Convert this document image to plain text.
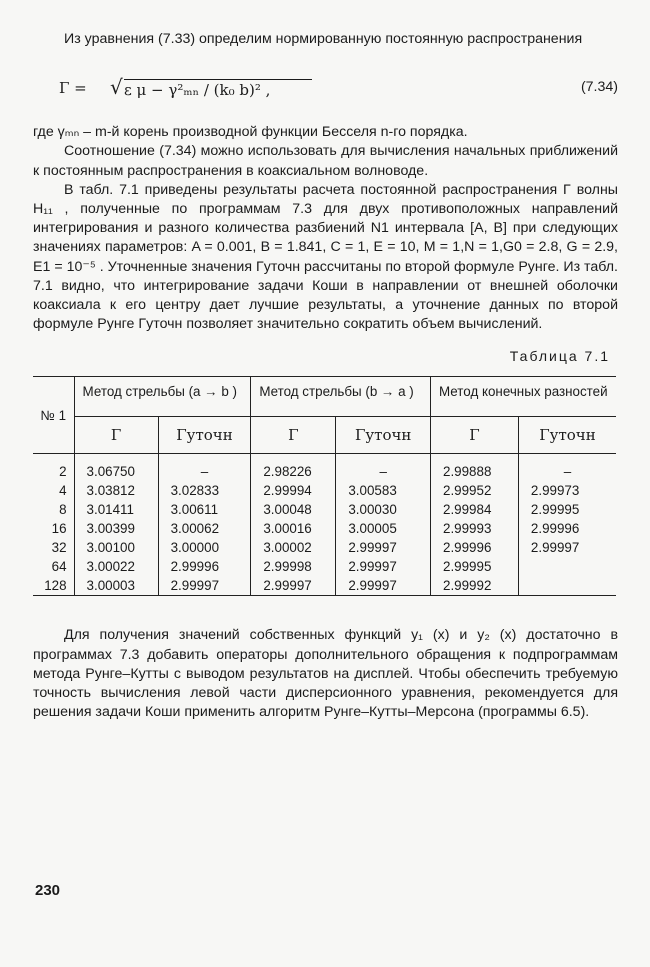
Из уравнения (7.33) определим нормированную постоянную распространения

Γ = √ ε μ − γ²ₘₙ / (k₀ b)² ,	(7.34)

где γₘₙ – m-й корень производной функции Бесселя n-го порядка.

Соотношение (7.34) можно использовать для вычисления начальных приближений к постоянным распространения в коаксиальном волноводе.

В табл. 7.1 приведены результаты расчета постоянной распространения Γ волны H₁₁ , полученные по программам 7.3 для двух противоположных направлений интегрирования и разного количества разбиений N1 интервала [A, B] при следующих значениях параметров: A = 0.001, B = 1.841, C = 1, E = 10, M = 1,N = 1,G0 = 2.8, G = 2.9, E1 = 10⁻⁵ . Уточненные значения Γуточн рассчитаны по второй формуле Рунге. Из табл. 7.1 видно, что интегрирование задачи Коши в направлении от внешней оболочки коаксиала к его центру дает лучшие результаты, а уточнение данных по второй формуле Рунге Γуточн позволяет значительно сократить объем вычислений.

Таблица 7.1
№ 1	Метод стрельбы (a → b )		Метод стрельбы (b → a )		Метод конечных разностей	
	Γ	Γуточн	Γ	Γуточн	Γ	Γуточн
2	3.06750	–	2.98226	–	2.99888	–
4	3.03812	3.02833	2.99994	3.00583	2.99952	2.99973
8	3.01411	3.00611	3.00048	3.00030	2.99984	2.99995
16	3.00399	3.00062	3.00016	3.00005	2.99993	2.99996
32	3.00100	3.00000	3.00002	2.99997	2.99996	2.99997
64	3.00022	2.99996	2.99998	2.99997	2.99995	
128	3.00003	2.99997	2.99997	2.99997	2.99992	

Для получения значений собственных функций y₁ (x) и y₂ (x) достаточно в программах 7.3 добавить операторы дополнительного обращения к подпрограммам метода Рунге–Кутты с выводом результатов на дисплей. Чтобы обеспечить требуемую точность вычисления левой части дисперсионного уравнения, рекомендуется для решения задачи Коши применить алгоритм Рунге–Кутты–Мерсона (программы 6.5).

230
